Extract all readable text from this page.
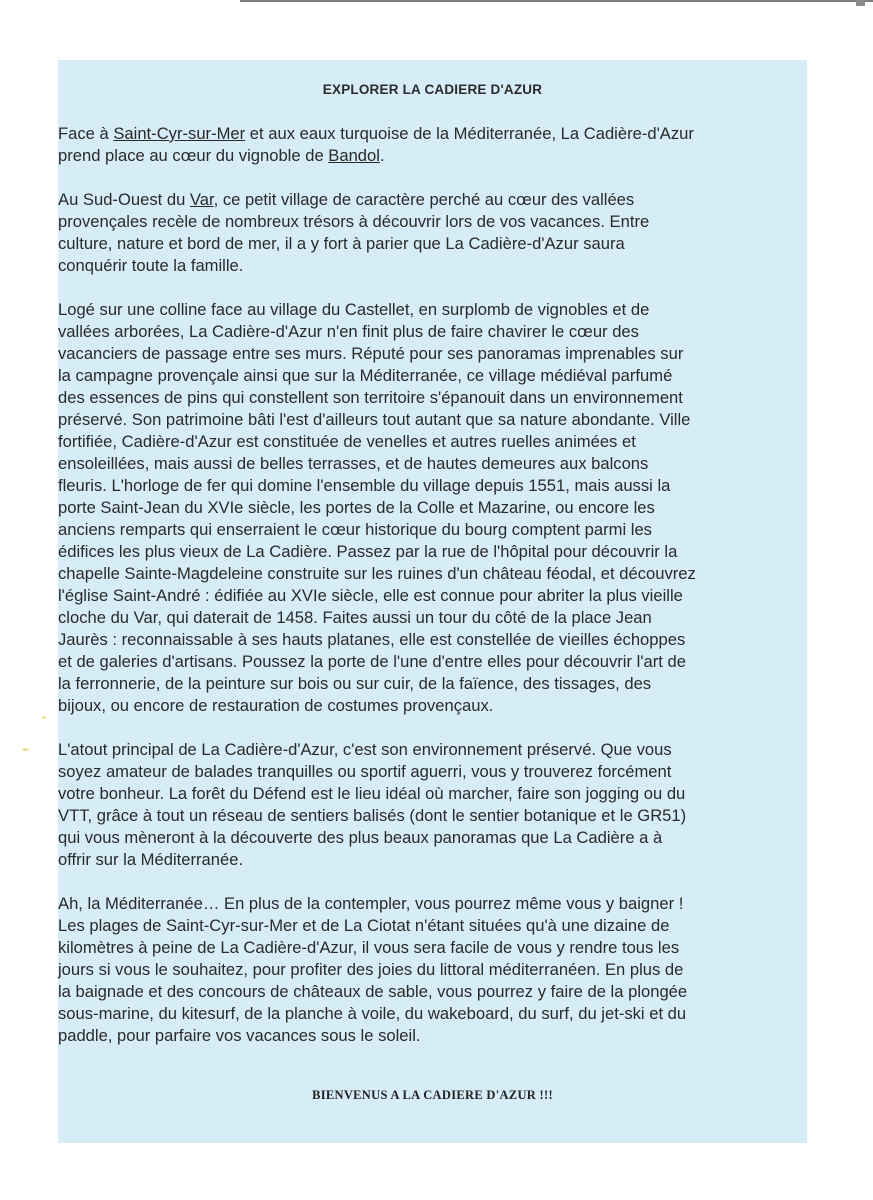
EXPLORER LA CADIERE D'AZUR

Face à Saint-Cyr-sur-Mer et aux eaux turquoise de la Méditerranée, La Cadière-d'Azur
prend place au cœur du vignoble de Bandol.

Au Sud-Ouest du Var, ce petit village de caractère perché au cœur des vallées
provençales recèle de nombreux trésors à découvrir lors de vos vacances. Entre
culture, nature et bord de mer, il a y fort à parier que La Cadière-d'Azur saura
conquérir toute la famille.

Logé sur une colline face au village du Castellet, en surplomb de vignobles et de
vallées arborées, La Cadière-d'Azur n'en finit plus de faire chavirer le cœur des
vacanciers de passage entre ses murs. Réputé pour ses panoramas imprenables sur
la campagne provençale ainsi que sur la Méditerranée, ce village médiéval parfumé
des essences de pins qui constellent son territoire s'épanouit dans un environnement
préservé. Son patrimoine bâti l'est d'ailleurs tout autant que sa nature abondante. Ville
fortifiée, Cadière-d'Azur est constituée de venelles et autres ruelles animées et
ensoleillées, mais aussi de belles terrasses, et de hautes demeures aux balcons
fleuris. L'horloge de fer qui domine l'ensemble du village depuis 1551, mais aussi la
porte Saint-Jean du XVIe siècle, les portes de la Colle et Mazarine, ou encore les
anciens remparts qui enserraient le cœur historique du bourg comptent parmi les
édifices les plus vieux de La Cadière. Passez par la rue de l'hôpital pour découvrir la
chapelle Sainte-Magdeleine construite sur les ruines d'un château féodal, et découvrez
l'église Saint-André : édifiée au XVIe siècle, elle est connue pour abriter la plus vieille
cloche du Var, qui daterait de 1458. Faites aussi un tour du côté de la place Jean
Jaurès : reconnaissable à ses hauts platanes, elle est constellée de vieilles échoppes
et de galeries d'artisans. Poussez la porte de l'une d'entre elles pour découvrir l'art de
la ferronnerie, de la peinture sur bois ou sur cuir, de la faïence, des tissages, des
bijoux, ou encore de restauration de costumes provençaux.

L'atout principal de La Cadière-d'Azur, c'est son environnement préservé. Que vous
soyez amateur de balades tranquilles ou sportif aguerri, vous y trouverez forcément
votre bonheur. La forêt du Défend est le lieu idéal où marcher, faire son jogging ou du
VTT, grâce à tout un réseau de sentiers balisés (dont le sentier botanique et le GR51)
qui vous mèneront à la découverte des plus beaux panoramas que La Cadière a à
offrir sur la Méditerranée.

Ah, la Méditerranée… En plus de la contempler, vous pourrez même vous y baigner !
Les plages de Saint-Cyr-sur-Mer et de La Ciotat n'étant situées qu'à une dizaine de
kilomètres à peine de La Cadière-d'Azur, il vous sera facile de vous y rendre tous les
jours si vous le souhaitez, pour profiter des joies du littoral méditerranéen. En plus de
la baignade et des concours de châteaux de sable, vous pourrez y faire de la plongée
sous-marine, du kitesurf, de la planche à voile, du wakeboard, du surf, du jet-ski et du
paddle, pour parfaire vos vacances sous le soleil.

BIENVENUS A LA CADIERE D'AZUR !!!
